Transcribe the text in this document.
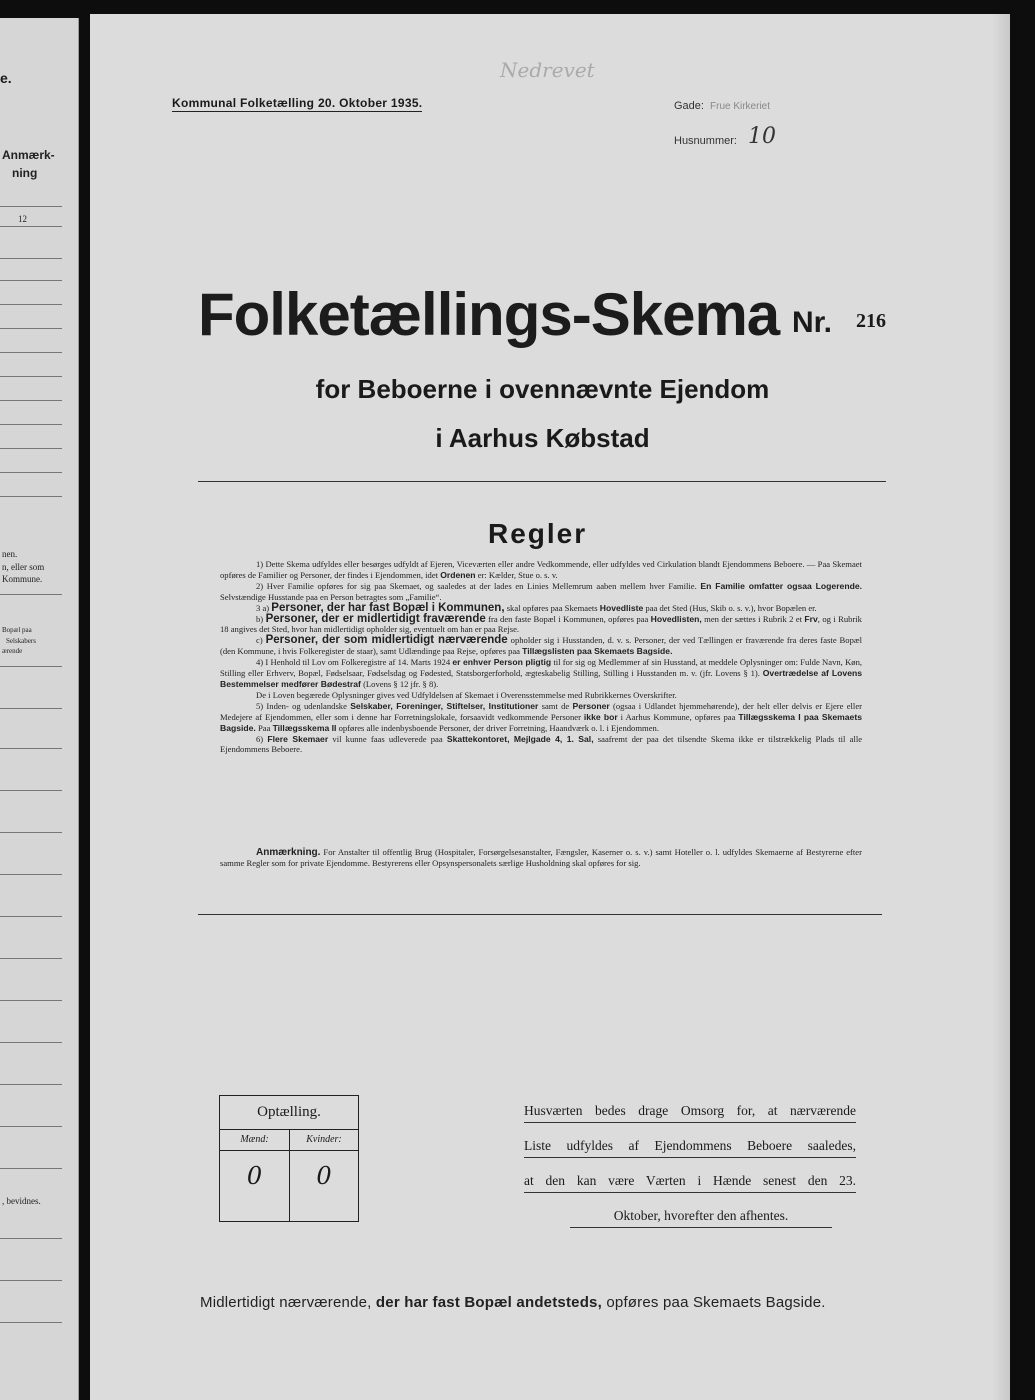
e.
Anmærk-
ning
12
nen.
n, eller som
Kommune.
Bopæl paa
Selskabers
ærende
, bevidnes.
Kommunal Folketælling 20. Oktober 1935.
Nedrevet
Gade: Frue Kirkeriet
Husnummer: 10
Folketællings-Skema Nr. 216
for Beboerne i ovennævnte Ejendom
i Aarhus Købstad
Regler

1) Dette Skema udfyldes eller besørges udfyldt af Ejeren, Viceværten eller andre Vedkommende, eller udfyldes ved Cirkulation blandt Ejendommens Beboere. — Paa Skemaet opføres de Familier og Personer, der findes i Ejendommen, idet Ordenen er: Kælder, Stue o. s. v.

2) Hver Familie opføres for sig paa Skemaet, og saaledes at der lades en Linies Mellemrum aaben mellem hver Familie. En Familie omfatter ogsaa Logerende. Selvstændige Husstande paa en Person betragtes som „Familie“.

3 a) Personer, der har fast Bopæl i Kommunen, skal opføres paa Skemaets Hovedliste paa det Sted (Hus, Skib o. s. v.), hvor Bopælen er.

b) Personer, der er midlertidigt fraværende fra den faste Bopæl i Kommunen, opføres paa Hovedlisten, men der sættes i Rubrik 2 et Frv, og i Rubrik 18 angives det Sted, hvor han midlertidigt opholder sig, eventuelt om han er paa Rejse.

c) Personer, der som midlertidigt nærværende opholder sig i Husstanden, d. v. s. Personer, der ved Tællingen er fraværende fra deres faste Bopæl (den Kommune, i hvis Folkeregister de staar), samt Udlændinge paa Rejse, opføres paa Tillægslisten paa Skemaets Bagside.

4) I Henhold til Lov om Folkeregistre af 14. Marts 1924 er enhver Person pligtig til for sig og Medlemmer af sin Husstand, at meddele Oplysninger om: Fulde Navn, Køn, Stilling eller Erhverv, Bopæl, Fødselsaar, Fødselsdag og Fødested, Statsborgerforhold, ægteskabelig Stilling, Stilling i Husstanden m. v. (jfr. Lovens § 1). Overtrædelse af Lovens Bestemmelser medfører Bødestraf (Lovens § 12 jfr. § 8).

De i Loven begærede Oplysninger gives ved Udfyldelsen af Skemaet i Overensstemmelse med Rubrikkernes Overskrifter.

5) Inden- og udenlandske Selskaber, Foreninger, Stiftelser, Institutioner samt de Personer (ogsaa i Udlandet hjemmehørende), der helt eller delvis er Ejere eller Medejere af Ejendommen, eller som i denne har Forretningslokale, forsaavidt vedkommende Personer ikke bor i Aarhus Kommune, opføres paa Tillægsskema I paa Skemaets Bagside. Paa Tillægsskema II opføres alle indenbysboende Personer, der driver Forretning, Haandværk o. l. i Ejendommen.

6) Flere Skemaer vil kunne faas udleverede paa Skattekontoret, Mejlgade 4, 1. Sal, saafremt der paa det tilsendte Skema ikke er tilstrækkelig Plads til alle Ejendommens Beboere.

Anmærkning. For Anstalter til offentlig Brug (Hospitaler, Forsørgelsesanstalter, Fængsler, Kaserner o. s. v.) samt Hoteller o. l. udfyldes Skemaerne af Bestyrerne efter samme Regler som for private Ejendomme. Bestyrerens eller Opsynspersonalets særlige Husholdning skal opføres for sig.

Optælling.
Mænd:	Kvinder:
0	0
Husværten bedes drage Omsorg for, at nærværende
Liste udfyldes af Ejendommens Beboere saaledes,
at den kan være Værten i Hænde senest den 23.
Oktober, hvorefter den afhentes.
Midlertidigt nærværende, der har fast Bopæl andetsteds, opføres paa Skemaets Bagside.
